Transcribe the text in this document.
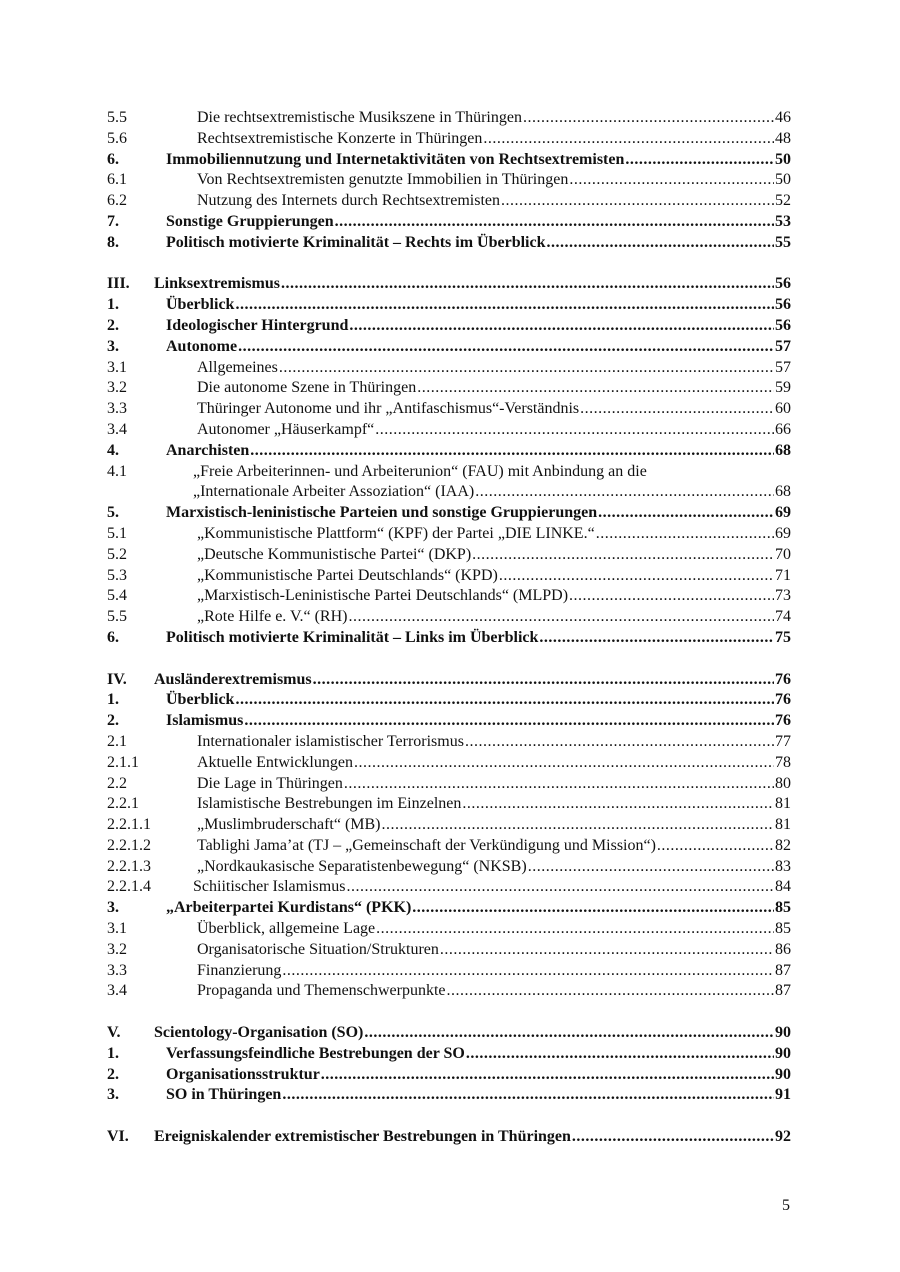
5.5	Die rechtsextremistische Musikszene in Thüringen .....	46
5.6	Rechtsextremistische Konzerte in Thüringen .....	48
6.	Immobiliennutzung und Internetaktivitäten von Rechtsextremisten .....	50
6.1	Von Rechtsextremisten genutzte Immobilien in Thüringen .....	50
6.2	Nutzung des Internets durch Rechtsextremisten .....	52
7.	Sonstige Gruppierungen .....	53
8.	Politisch motivierte Kriminalität – Rechts im Überblick .....	55
III. Linksextremismus .....	56
1.	Überblick .....	56
2.	Ideologischer Hintergrund .....	56
3.	Autonome .....	57
3.1	Allgemeines .....	57
3.2	Die autonome Szene in Thüringen .....	59
3.3	Thüringer Autonome und ihr „Antifaschismus“-Verständnis .....	60
3.4	Autonomer „Häuserkampf“ .....	66
4.	Anarchisten .....	68
4.1	„Freie Arbeiterinnen- und Arbeiterunion“ (FAU) mit Anbindung an die
„Internationale Arbeiter Assoziation“ (IAA) .....	68
5.	Marxistisch-leninistische Parteien und sonstige Gruppierungen .....	69
5.1	„Kommunistische Plattform“ (KPF) der Partei „DIE LINKE.“ .....	69
5.2	„Deutsche Kommunistische Partei“ (DKP) .....	70
5.3	„Kommunistische Partei Deutschlands“ (KPD) .....	71
5.4	„Marxistisch-Leninistische Partei Deutschlands“ (MLPD) .....	73
5.5	„Rote Hilfe e. V.“ (RH) .....	74
6.	Politisch motivierte Kriminalität – Links im Überblick .....	75
IV. Ausländerextremismus .....	76
1.	Überblick .....	76
2.	Islamismus .....	76
2.1	Internationaler islamistischer Terrorismus .....	77
2.1.1	Aktuelle Entwicklungen .....	78
2.2	Die Lage in Thüringen .....	80
2.2.1	Islamistische Bestrebungen im Einzelnen .....	81
2.2.1.1	„Muslimbruderschaft“ (MB) .....	81
2.2.1.2	Tablighi Jama’at (TJ – „Gemeinschaft der Verkündigung und Mission“) .....	82
2.2.1.3	„Nordkaukasische Separatistenbewegung“ (NKSB) .....	83
2.2.1.4	Schiitischer Islamismus .....	84
3.	„Arbeiterpartei Kurdistans“ (PKK) .....	85
3.1	Überblick, allgemeine Lage .....	85
3.2	Organisatorische Situation/Strukturen .....	86
3.3	Finanzierung .....	87
3.4	Propaganda und Themenschwerpunkte .....	87
V. Scientology-Organisation (SO) .....	90
1.	Verfassungsfeindliche Bestrebungen der SO .....	90
2.	Organisationsstruktur .....	90
3.	SO in Thüringen .....	91
VI. Ereigniskalender extremistischer Bestrebungen in Thüringen .....	92
5
